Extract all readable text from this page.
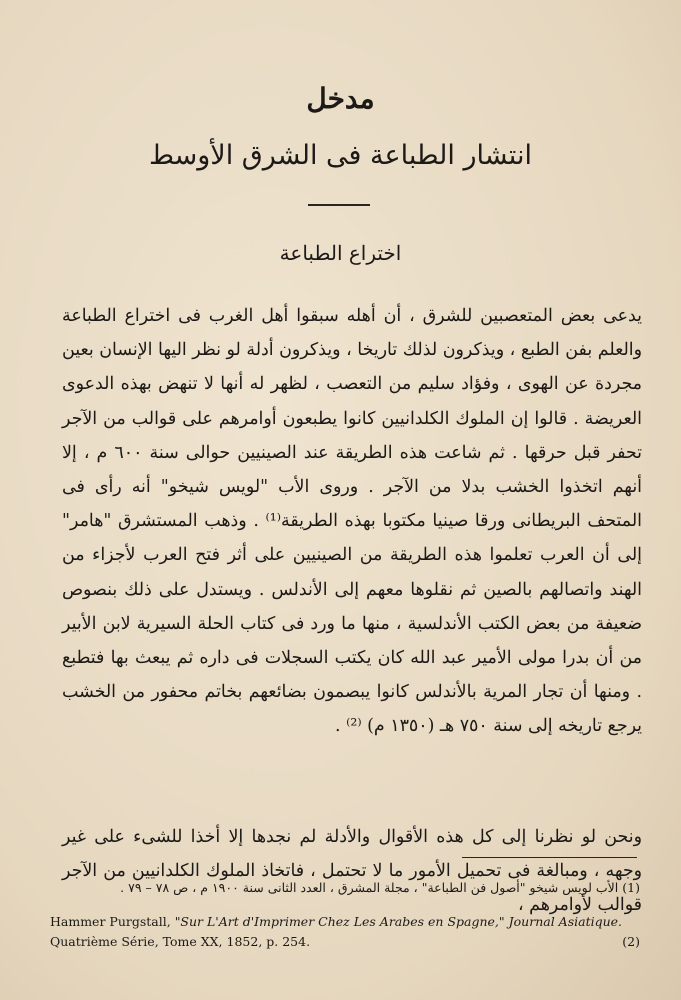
مدخل
انتشار الطباعة فى الشرق الأوسط
اختراع الطباعة
يدعى بعض المتعصبين للشرق ، أن أهله سبقوا أهل الغرب فى اختراع الطباعة والعلم بفن الطبع ، ويذكرون لذلك تاريخا ، ويذكرون أدلة لو نظر اليها الإنسان بعين مجردة عن الهوى ، وفؤاد سليم من التعصب ، لظهر له أنها لا تنهض بهذه الدعوى العريضة . قالوا إن الملوك الكلدانيين كانوا يطبعون أوامرهم على قوالب من الآجر تحفر قبل حرقها . ثم شاعت هذه الطريقة عند الصينيين حوالى سنة ٦٠٠ م ، إلا أنهم اتخذوا الخشب بدلا من الآجر . وروى الأب "لويس شيخو" أنه رأى فى المتحف البريطانى ورقا صينيا مكتوبا بهذه الطريقة⁽¹⁾ . وذهب المستشرق "هامر" إلى أن العرب تعلموا هذه الطريقة من الصينيين على أثر فتح العرب لأجزاء من الهند واتصالهم بالصين ثم نقلوها معهم إلى الأندلس . ويستدل على ذلك بنصوص ضعيفة من بعض الكتب الأندلسية ، منها ما ورد فى كتاب الحلة السيرية لابن الأبير من أن بدرا مولى الأمير عبد الله كان يكتب السجلات فى داره ثم يبعث بها فتطبع . ومنها أن تجار المرية بالأندلس كانوا يبصمون بضائعهم بخاتم محفور من الخشب يرجع تاريخه إلى سنة ٧٥٠ هـ (١٣٥٠ م) ⁽²⁾ .
ونحن لو نظرنا إلى كل هذه الأقوال والأدلة لم نجدها إلا أخذا للشىء على غير وجهه ، ومبالغة فى تحميل الأمور ما لا تحتمل ، فاتخاذ الملوك الكلدانيين من الآجر قوالب لأوامرهم ،
(1) الأب لويس شيخو "أصول فن الطباعة" ، مجلة المشرق ، العدد الثانى سنة ١٩٠٠ م ، ص ٧٨ – ٧٩ .
Hammer Purgstall, "Sur L'Art d'Imprimer Chez Les Arabes en Spagne," Journal Asiatique. Quatrième Série, Tome XX, 1852, p. 254.	(2)
